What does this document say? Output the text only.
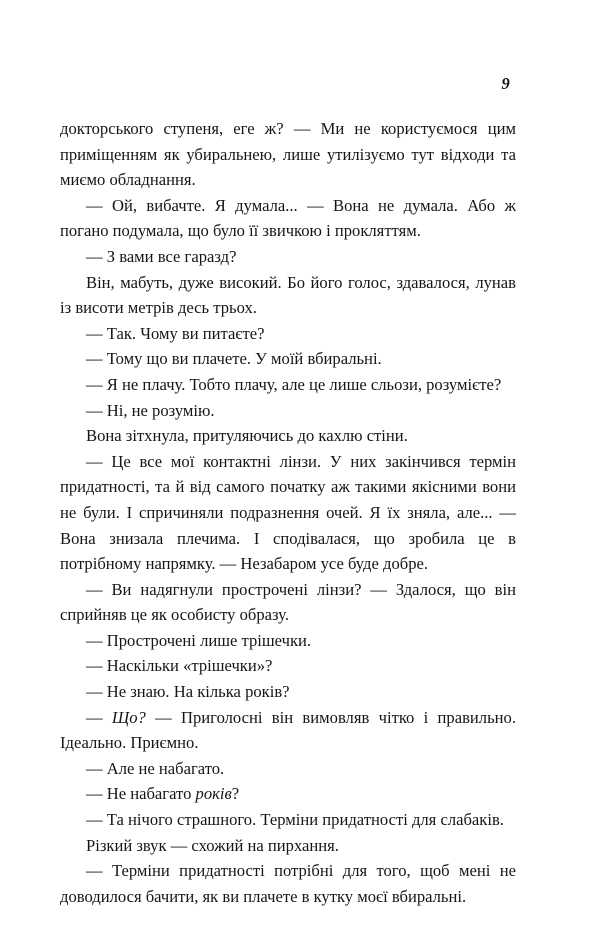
9

докторського ступеня, еге ж? — Ми не користуємося цим приміщенням як убиральнею, лише утилізуємо тут відходи та миємо обладнання.

— Ой, вибачте. Я думала... — Вона не думала. Або ж погано подумала, що було її звичкою і прокляттям.

— З вами все гаразд?

Він, мабуть, дуже високий. Бо його голос, здавалося, лунав із висоти метрів десь трьох.

— Так. Чому ви питаєте?

— Тому що ви плачете. У моїй вбиральні.

— Я не плачу. Тобто плачу, але це лише сльози, розумієте?

— Ні, не розумію.

Вона зітхнула, притуляючись до кахлю стіни.

— Це все мої контактні лінзи. У них закінчився термін придатності, та й від самого початку аж такими якісними вони не були. І спричиняли подразнення очей. Я їх зняла, але... — Вона знизала плечима. І сподівалася, що зробила це в потрібному напрямку. — Незабаром усе буде добре.

— Ви надягнули прострочені лінзи? — Здалося, що він сприйняв це як особисту образу.

— Прострочені лише трішечки.

— Наскільки «трішечки»?

— Не знаю. На кілька років?

— Що? — Приголосні він вимовляв чітко і правильно. Ідеально. Приємно.

— Але не набагато.

— Не набагато років?

— Та нічого страшного. Терміни придатності для слабаків.

Різкий звук — схожий на пирхання.

— Терміни придатності потрібні для того, щоб мені не доводилося бачити, як ви плачете в кутку моєї вбиральні.
